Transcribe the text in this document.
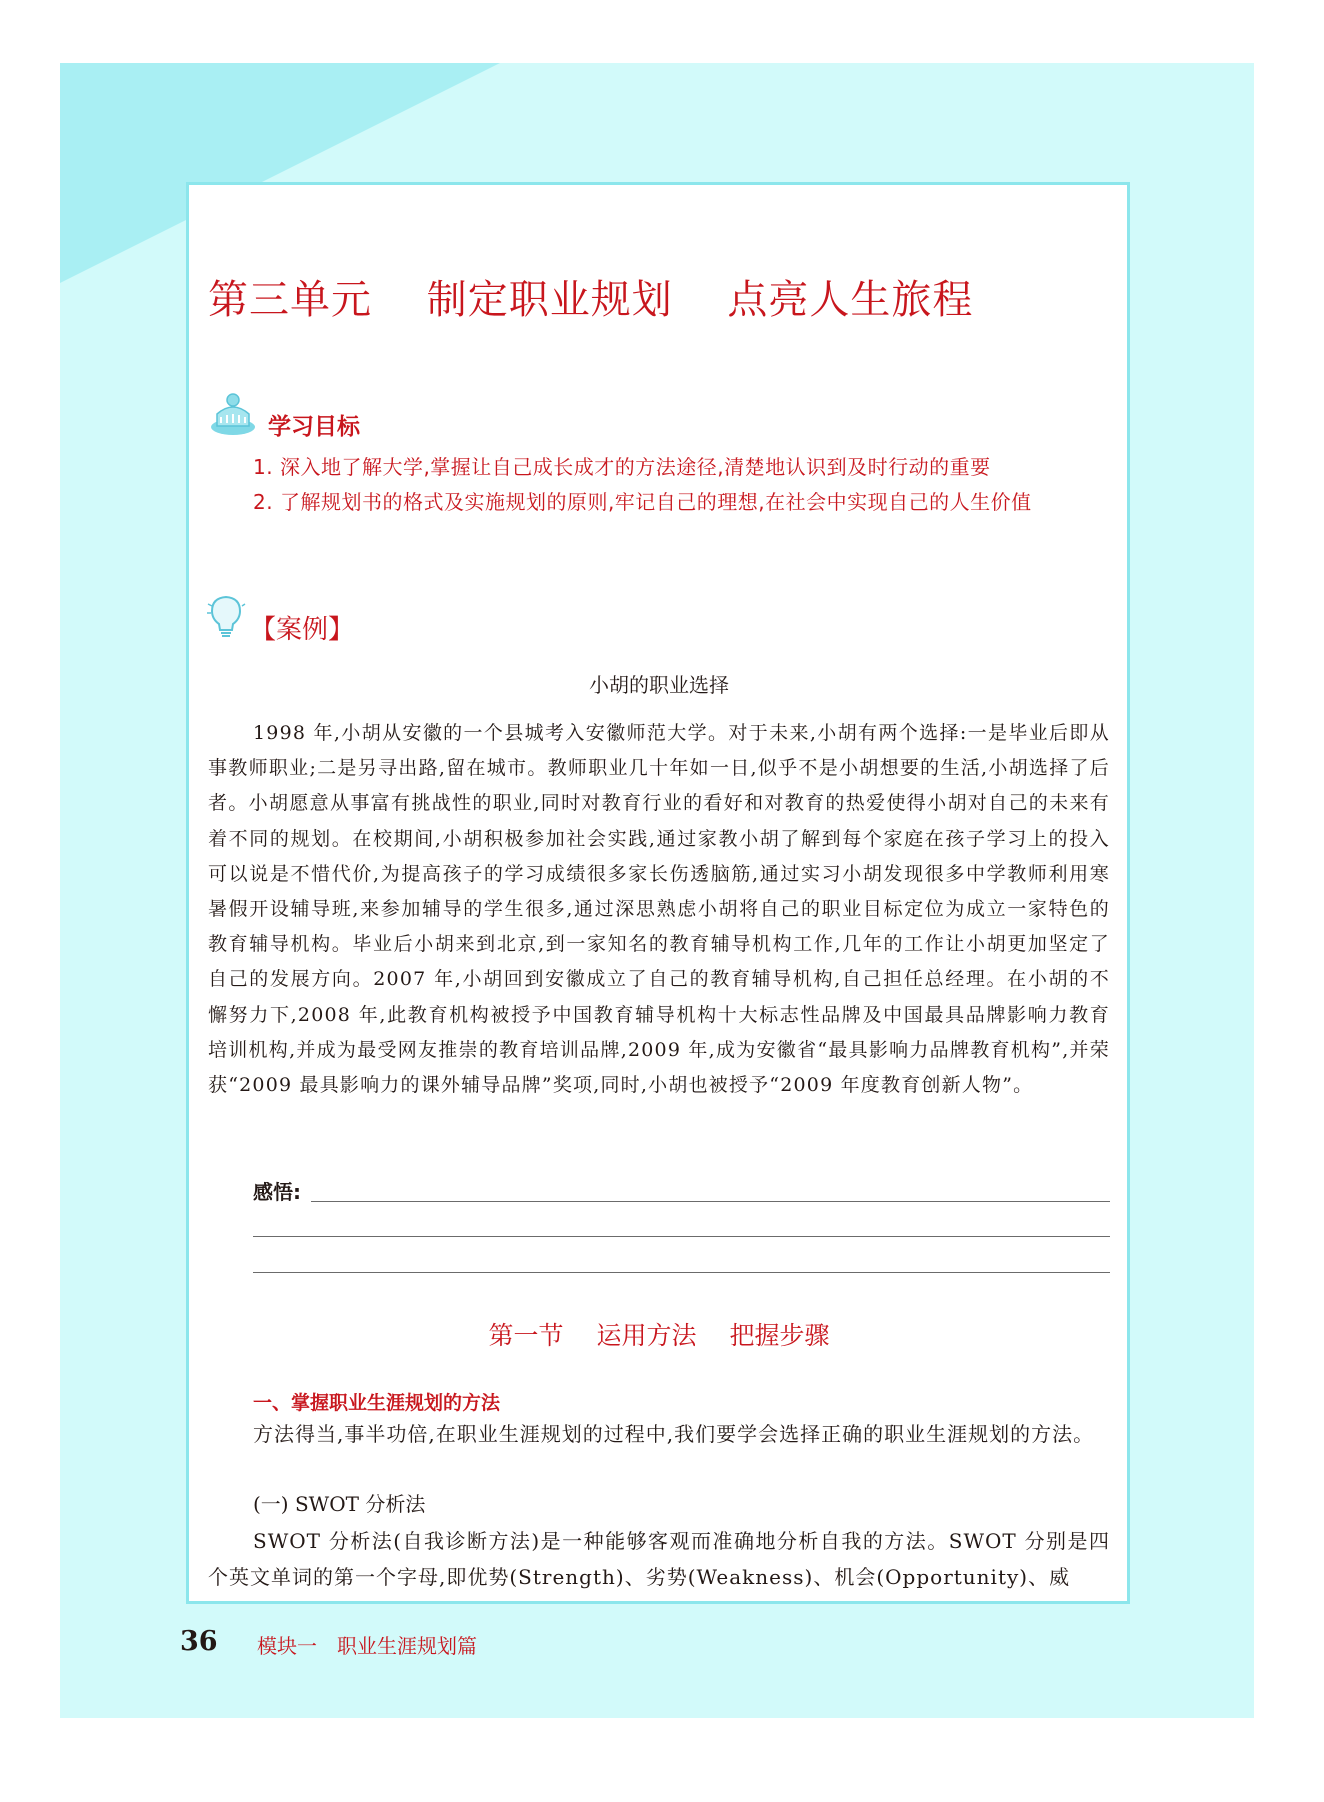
第三单元　 制定职业规划　 点亮人生旅程
学习目标
1. 深入地了解大学,掌握让自己成长成才的方法途径,清楚地认识到及时行动的重要
2. 了解规划书的格式及实施规划的原则,牢记自己的理想,在社会中实现自己的人生价值
【案例】
小胡的职业选择
1998 年,小胡从安徽的一个县城考入安徽师范大学。对于未来,小胡有两个选择:一是毕业后即从事教师职业;二是另寻出路,留在城市。教师职业几十年如一日,似乎不是小胡想要的生活,小胡选择了后者。小胡愿意从事富有挑战性的职业,同时对教育行业的看好和对教育的热爱使得小胡对自己的未来有着不同的规划。在校期间,小胡积极参加社会实践,通过家教小胡了解到每个家庭在孩子学习上的投入可以说是不惜代价,为提高孩子的学习成绩很多家长伤透脑筋,通过实习小胡发现很多中学教师利用寒暑假开设辅导班,来参加辅导的学生很多,通过深思熟虑小胡将自己的职业目标定位为成立一家特色的教育辅导机构。毕业后小胡来到北京,到一家知名的教育辅导机构工作,几年的工作让小胡更加坚定了自己的发展方向。2007 年,小胡回到安徽成立了自己的教育辅导机构,自己担任总经理。在小胡的不懈努力下,2008 年,此教育机构被授予中国教育辅导机构十大标志性品牌及中国最具品牌影响力教育培训机构,并成为最受网友推崇的教育培训品牌,2009 年,成为安徽省“最具影响力品牌教育机构”,并荣获“2009 最具影响力的课外辅导品牌”奖项,同时,小胡也被授予“2009 年度教育创新人物”。
感悟:
第一节　 运用方法　 把握步骤
一、掌握职业生涯规划的方法
方法得当,事半功倍,在职业生涯规划的过程中,我们要学会选择正确的职业生涯规划的方法。
(一) SWOT 分析法
SWOT 分析法(自我诊断方法)是一种能够客观而准确地分析自我的方法。SWOT 分别是四个英文单词的第一个字母,即优势(Strength)、劣势(Weakness)、机会(Opportunity)、威
36 模块一　职业生涯规划篇
